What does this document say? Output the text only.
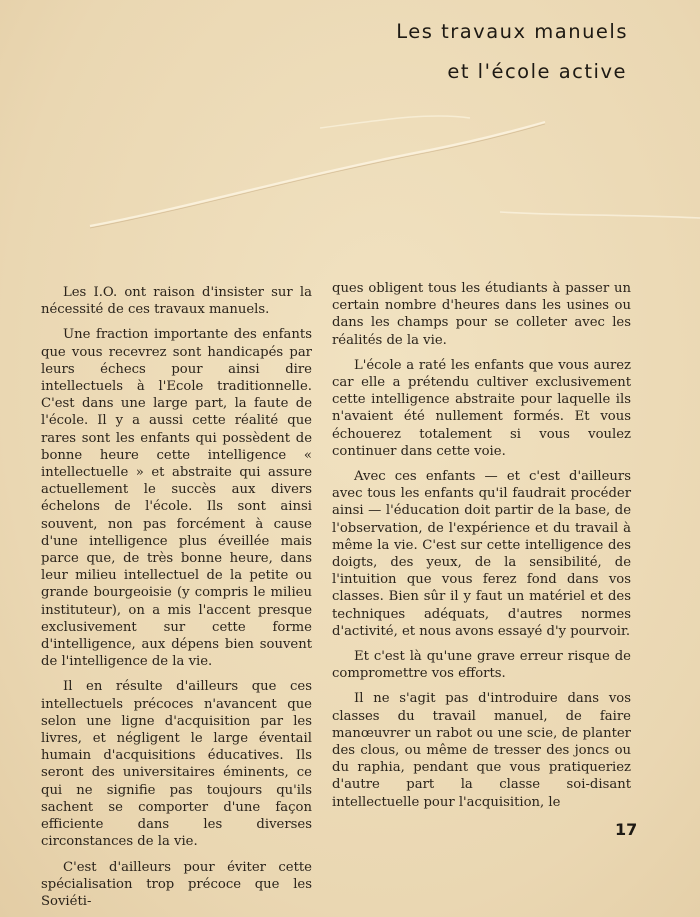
Les travaux manuels
et l'école active

Les I.O. ont raison d'insister sur la nécessité de ces travaux manuels.

Une fraction importante des enfants que vous recevrez sont handicapés par leurs échecs pour ainsi dire intellectuels à l'Ecole traditionnelle. C'est dans une large part, la faute de l'école. Il y a aussi cette réalité que rares sont les enfants qui possèdent de bonne heure cette intelligence « intellectuelle » et abstraite qui assure actuellement le succès aux divers échelons de l'école. Ils sont ainsi souvent, non pas forcément à cause d'une intelligence plus éveillée mais parce que, de très bonne heure, dans leur milieu intellectuel de la petite ou grande bourgeoisie (y compris le milieu instituteur), on a mis l'accent presque exclusivement sur cette forme d'intelligence, aux dépens bien souvent de l'intelligence de la vie.

Il en résulte d'ailleurs que ces intellectuels précoces n'avancent que selon une ligne d'acquisition par les livres, et négligent le large éventail humain d'acquisitions éducatives. Ils seront des universitaires éminents, ce qui ne signifie pas toujours qu'ils sachent se comporter d'une façon efficiente dans les diverses circonstances de la vie.

C'est d'ailleurs pour éviter cette spécialisation trop précoce que les Soviéti-

ques obligent tous les étudiants à passer un certain nombre d'heures dans les usines ou dans les champs pour se colleter avec les réalités de la vie.

L'école a raté les enfants que vous aurez car elle a prétendu cultiver exclusivement cette intelligence abstraite pour laquelle ils n'avaient été nullement formés. Et vous échouerez totalement si vous voulez continuer dans cette voie.

Avec ces enfants — et c'est d'ailleurs avec tous les enfants qu'il faudrait procéder ainsi — l'éducation doit partir de la base, de l'observation, de l'expérience et du travail à même la vie. C'est sur cette intelligence des doigts, des yeux, de la sensibilité, de l'intuition que vous ferez fond dans vos classes. Bien sûr il y faut un matériel et des techniques adéquats, d'autres normes d'activité, et nous avons essayé d'y pourvoir.

Et c'est là qu'une grave erreur risque de compromettre vos efforts.

Il ne s'agit pas d'introduire dans vos classes du travail manuel, de faire manœuvrer un rabot ou une scie, de planter des clous, ou même de tresser des joncs ou du raphia, pendant que vous pratiqueriez d'autre part la classe soi-disant intellectuelle pour l'acquisition, le

17
